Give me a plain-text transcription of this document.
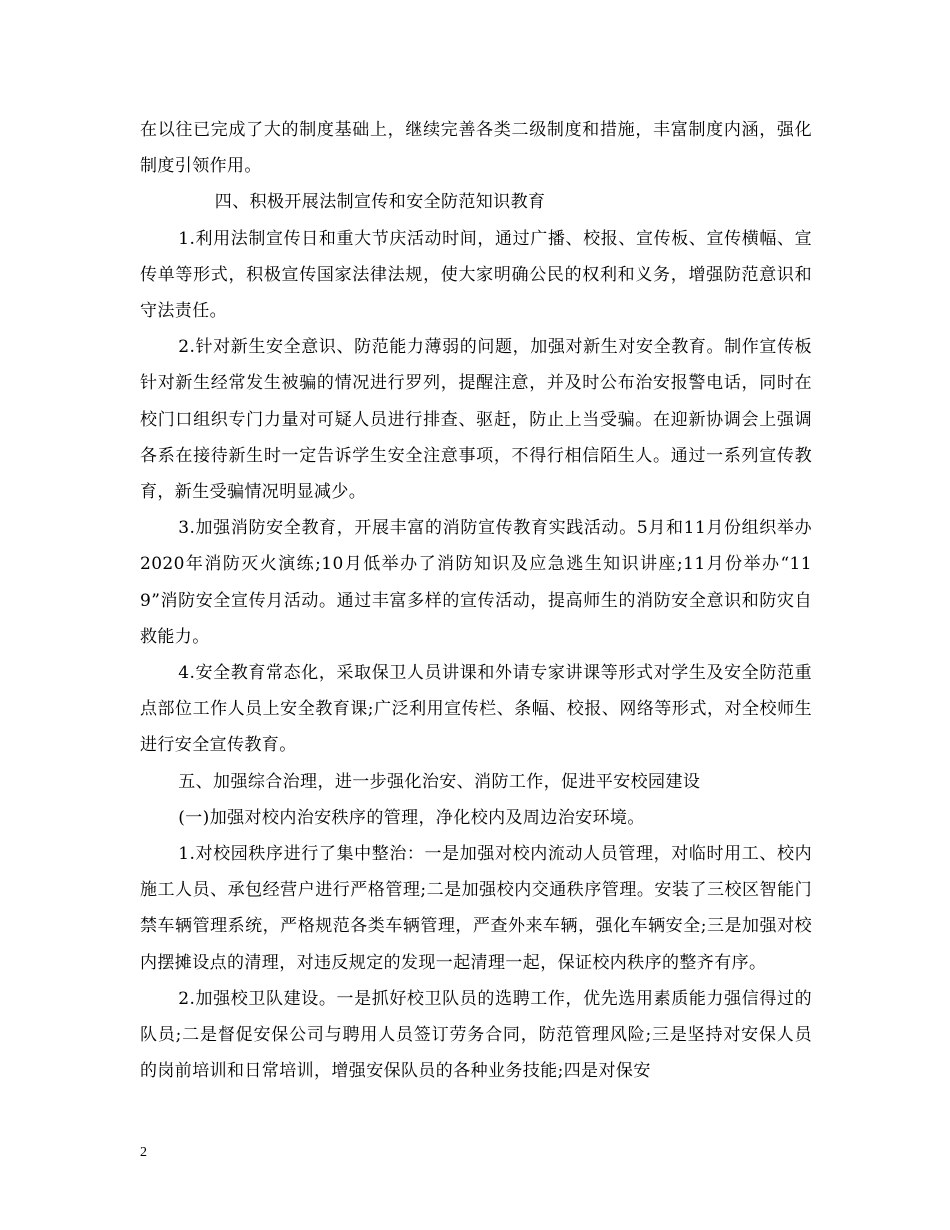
在以往已完成了大的制度基础上，继续完善各类二级制度和措施，丰富制度内涵，强化制度引领作用。

四、积极开展法制宣传和安全防范知识教育

1.利用法制宣传日和重大节庆活动时间，通过广播、校报、宣传板、宣传横幅、宣传单等形式，积极宣传国家法律法规，使大家明确公民的权利和义务，增强防范意识和守法责任。

2.针对新生安全意识、防范能力薄弱的问题，加强对新生对安全教育。制作宣传板针对新生经常发生被骗的情况进行罗列，提醒注意，并及时公布治安报警电话，同时在校门口组织专门力量对可疑人员进行排查、驱赶，防止上当受骗。在迎新协调会上强调各系在接待新生时一定告诉学生安全注意事项，不得行相信陌生人。通过一系列宣传教育，新生受骗情况明显减少。

3.加强消防安全教育，开展丰富的消防宣传教育实践活动。5月和11月份组织举办2020年消防灭火演练;10月低举办了消防知识及应急逃生知识讲座;11月份举办“119”消防安全宣传月活动。通过丰富多样的宣传活动，提高师生的消防安全意识和防灾自救能力。

4.安全教育常态化，采取保卫人员讲课和外请专家讲课等形式对学生及安全防范重点部位工作人员上安全教育课;广泛利用宣传栏、条幅、校报、网络等形式，对全校师生进行安全宣传教育。

五、加强综合治理，进一步强化治安、消防工作，促进平安校园建设

(一)加强对校内治安秩序的管理，净化校内及周边治安环境。

1.对校园秩序进行了集中整治：一是加强对校内流动人员管理，对临时用工、校内施工人员、承包经营户进行严格管理;二是加强校内交通秩序管理。安装了三校区智能门禁车辆管理系统，严格规范各类车辆管理，严查外来车辆，强化车辆安全;三是加强对校内摆摊设点的清理，对违反规定的发现一起清理一起，保证校内秩序的整齐有序。

2.加强校卫队建设。一是抓好校卫队员的选聘工作，优先选用素质能力强信得过的队员;二是督促安保公司与聘用人员签订劳务合同，防范管理风险;三是坚持对安保人员的岗前培训和日常培训，增强安保队员的各种业务技能;四是对保安

2
